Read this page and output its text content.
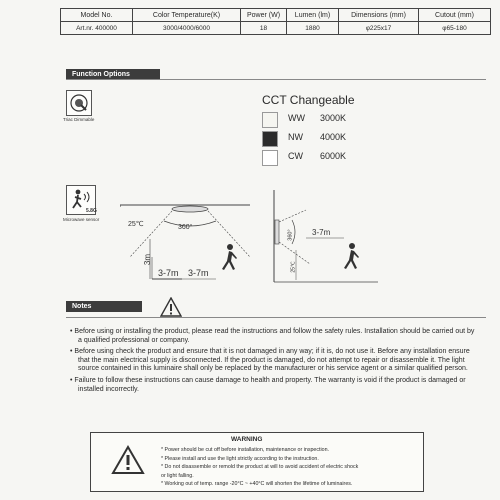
Model No.	Color Temperature(K)	Power (W)	Lumen (lm)	Dimensions (mm)	Cutout (mm)
Art.nr. 400000	3000/4000/6000	18	1880	φ225x17	φ65-180
Function Options
Triac Dimmable
5.8G
Microwave sensor
CCT Changeable
WW 3000K
NW 4000K
CW 6000K
25℃	360°
3m
3-7m 3-7m
360° 3-7m
25℃
Notes

• Before using or installing the product, please read the instructions and follow the safety rules. Installation should be carried out by a qualified professional or company.

• Before using check the product and ensure that it is not damaged in any way; if it is, do not use it. Before any installation ensure that the main electrical supply is disconnected. If the product is damaged, do not attempt to repair or disassemble it. The light source contained in this luminaire shall only be replaced by the manufacturer or his service agent or a similar qualified person.

• Failure to follow these instructions can cause damage to health and property. The warranty is void if the product is damaged or installed incorrectly.

WARNING
* Power should be cut off before installation, maintenance or inspection.
* Please install and use the light strictly according to the instruction.
* Do not disassemble or remold the product at will to avoid accident of electric shock
or light falling.
* Working out of temp. range -20°C ~ +40°C will shorten the lifetime of luminaires.
